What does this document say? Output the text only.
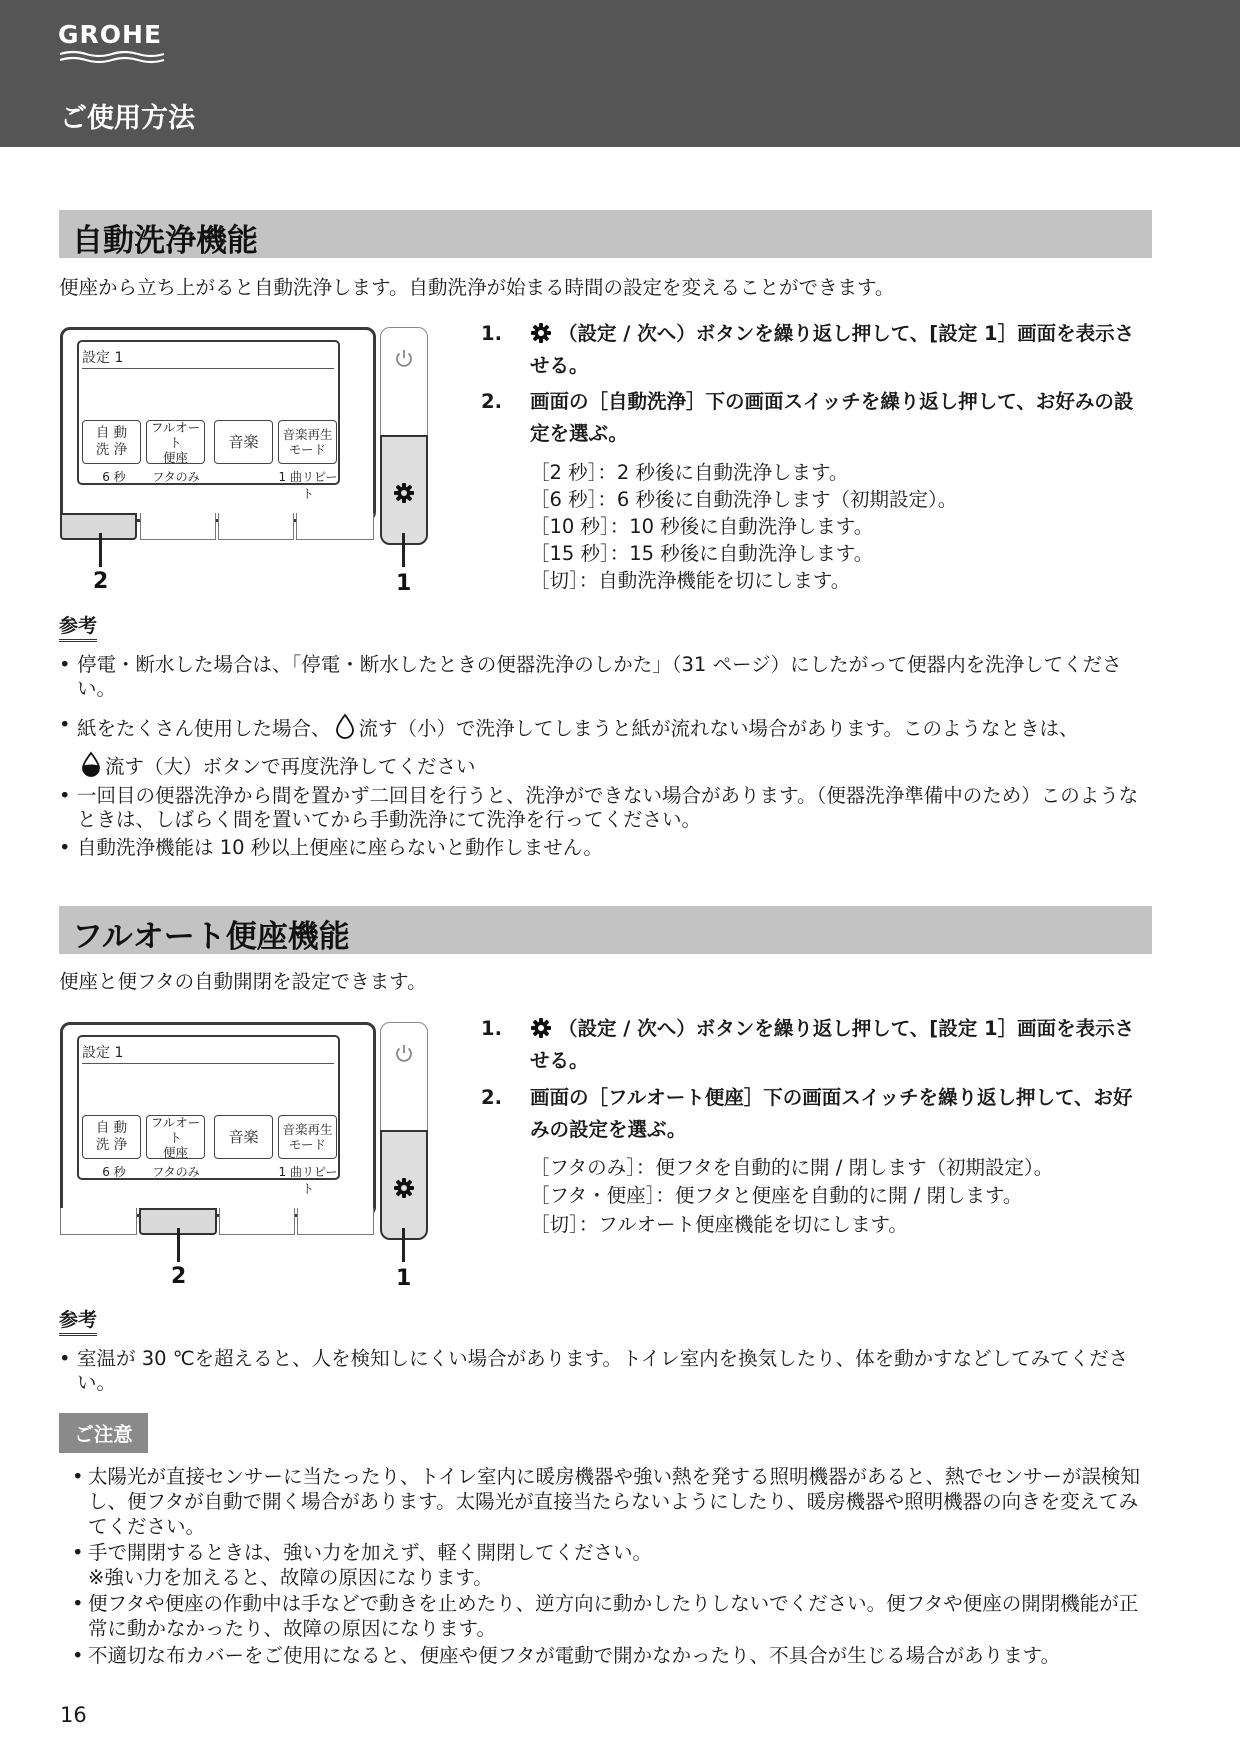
GROHE
ご使用方法
自動洗浄機能
便座から立ち上がると自動洗浄します。自動洗浄が始まる時間の設定を変えることができます。
設定 1
自 動
洗 浄
フルオート
便座
音楽 音楽再生
モード
6 秒	フタのみ	1 曲リピート
2	1
1.	（設定 / 次へ）ボタンを繰り返し押して、[設定 1］画面を表示させる。
2. 画面の［自動洗浄］下の画面スイッチを繰り返し押して、お好みの設定を選ぶ。
［2 秒］：2 秒後に自動洗浄します。
［6 秒］：6 秒後に自動洗浄します（初期設定）。
［10 秒］：10 秒後に自動洗浄します。
［15 秒］：15 秒後に自動洗浄します。
［切］：自動洗浄機能を切にします。
参考
• 停電・断水した場合は、「停電・断水したときの便器洗浄のしかた」（31 ページ）にしたがって便器内を洗浄してください。
• 紙をたくさん使用した場合、 流す（小）で洗浄してしまうと紙が流れない場合があります。このようなときは、
流す（大）ボタンで再度洗浄してください
• 一回目の便器洗浄から間を置かず二回目を行うと、洗浄ができない場合があります。（便器洗浄準備中のため）このようなときは、しばらく間を置いてから手動洗浄にて洗浄を行ってください。
• 自動洗浄機能は 10 秒以上便座に座らないと動作しません。
フルオート便座機能
便座と便フタの自動開閉を設定できます。
設定 1
自 動
洗 浄
フルオート
便座
音楽 音楽再生
モード
6 秒	フタのみ	1 曲リピート
2	1
1.	（設定 / 次へ）ボタンを繰り返し押して、[設定 1］画面を表示させる。
2. 画面の［フルオート便座］下の画面スイッチを繰り返し押して、お好みの設定を選ぶ。
［フタのみ］：便フタを自動的に開 / 閉します（初期設定）。
［フタ・便座］：便フタと便座を自動的に開 / 閉します。
［切］：フルオート便座機能を切にします。
参考
• 室温が 30 ℃を超えると、人を検知しにくい場合があります。トイレ室内を換気したり、体を動かすなどしてみてください。
ご注意
• 太陽光が直接センサーに当たったり、トイレ室内に暖房機器や強い熱を発する照明機器があると、熱でセンサーが誤検知し、便フタが自動で開く場合があります。太陽光が直接当たらないようにしたり、暖房機器や照明機器の向きを変えてみてください。
• 手で開閉するときは、強い力を加えず、軽く開閉してください。
※強い力を加えると、故障の原因になります。
• 便フタや便座の作動中は手などで動きを止めたり、逆方向に動かしたりしないでください。便フタや便座の開閉機能が正常に動かなかったり、故障の原因になります。
• 不適切な布カバーをご使用になると、便座や便フタが電動で開かなかったり、不具合が生じる場合があります。
16
